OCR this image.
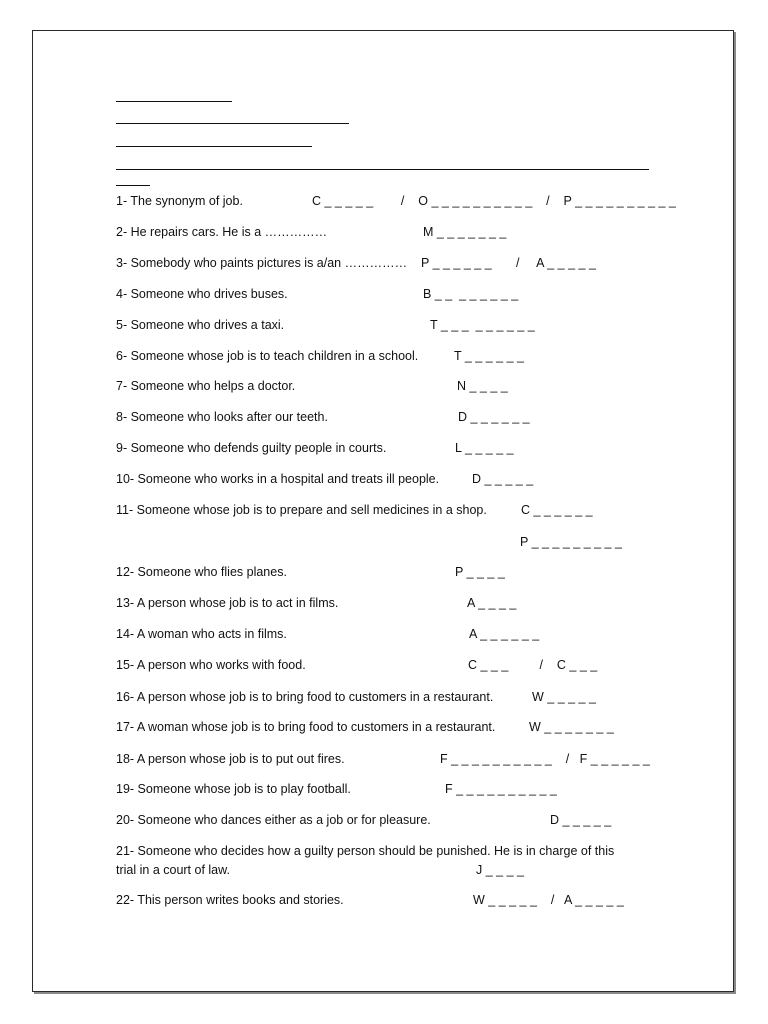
1- The synonym of job.	C _ _ _ _ _        /    O _ _ _ _ _ _ _ _ _ _    /    P _ _ _ _ _ _ _ _ _ _
2- He repairs cars. He is a ……………	M _ _ _ _ _ _ _
3- Somebody who paints pictures is a/an …………… P _ _ _ _ _ _       /     A _ _ _ _ _
4- Someone who drives buses.	B _ _  _ _ _ _ _ _
5- Someone who drives a taxi.	T _ _ _  _ _ _ _ _ _
6- Someone whose job is to teach children in a school.	T _ _ _ _ _ _
7- Someone who helps a doctor.	N _ _ _ _
8- Someone who looks after our teeth.	D _ _ _ _ _ _
9- Someone who defends guilty people in courts.	L _ _ _ _ _
10- Someone who works in a hospital and treats ill people.	D _ _ _ _ _
11- Someone whose job is to prepare and sell medicines in a shop.	C _ _ _ _ _ _
P _ _ _ _ _ _ _ _ _
12- Someone who flies planes.	P _ _ _ _
13- A person whose job is to act in films.	A _ _ _ _
14- A woman who acts in films.	A _ _ _ _ _ _
15- A person who works with food.	C _ _ _         /    C _ _ _
16- A person whose job is to bring food to customers in a restaurant.	W _ _ _ _ _
17- A woman whose job is to bring food to customers in a restaurant.	W _ _ _ _ _ _ _
18- A person whose job is to put out fires.	F _ _ _ _ _ _ _ _ _ _    /   F _ _ _ _ _ _
19- Someone whose job is to play football.	F _ _ _ _ _ _ _ _ _ _
20- Someone who dances either as a job or for pleasure.	D _ _ _ _ _
21- Someone who decides how a guilty person should be punished. He is in charge of this
trial in a court of law.	J _ _ _ _
22- This person writes books and stories.	W _ _ _ _ _    /   A _ _ _ _ _
